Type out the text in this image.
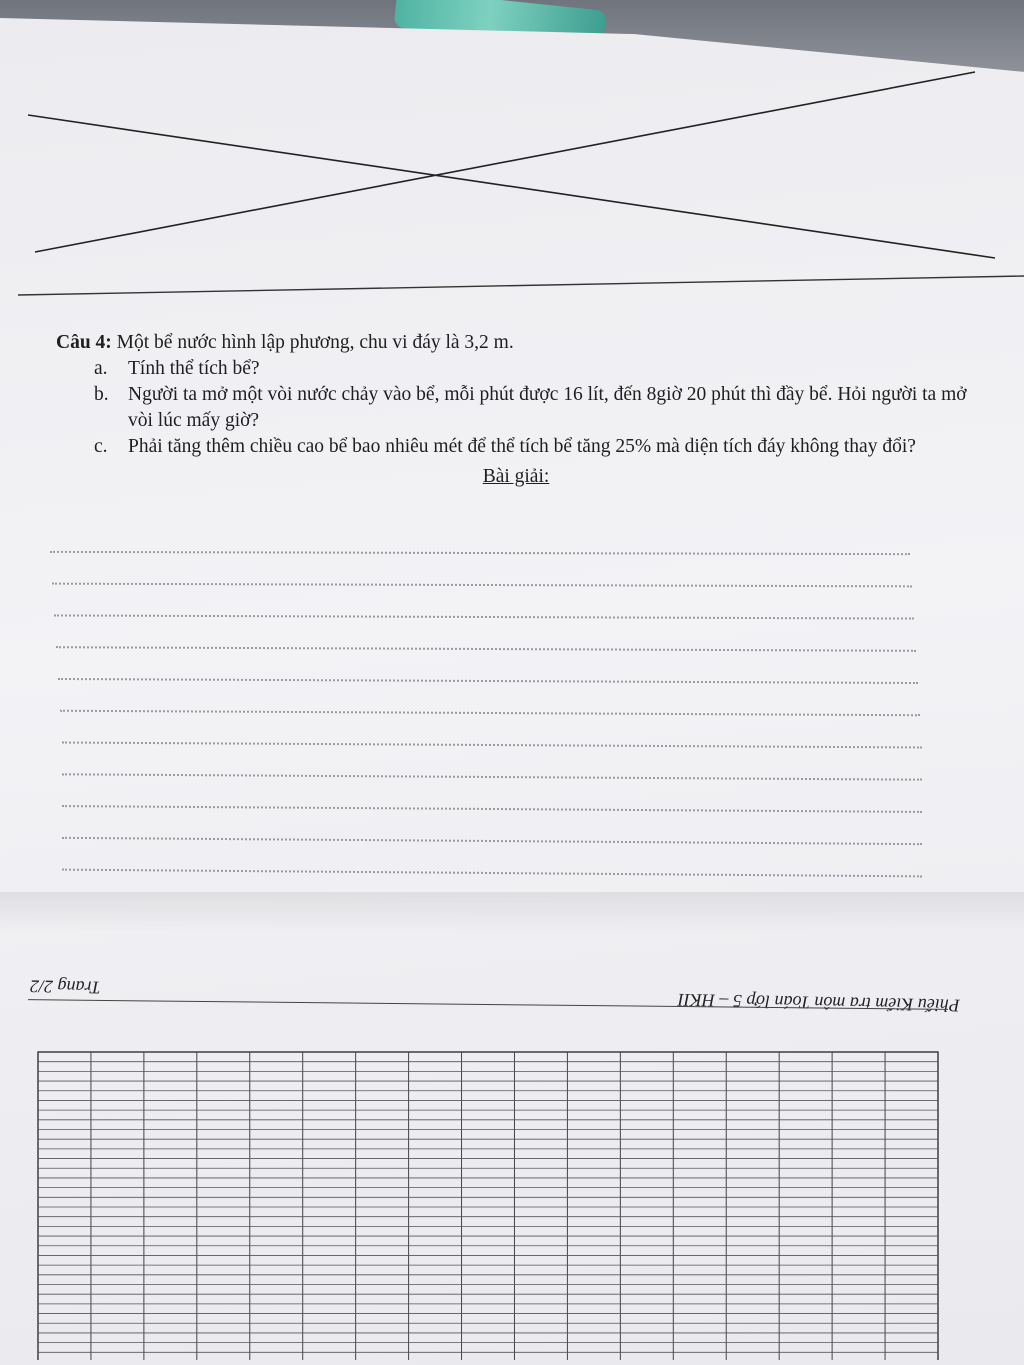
Câu 4: Một bể nước hình lập phương, chu vi đáy là 3,2 m.

a. Tính thể tích bể?

b. Người ta mở một vòi nước chảy vào bể, mỗi phút được 16 lít, đến 8giờ 20 phút thì đầy bể. Hỏi người ta mở vòi lúc mấy giờ?

c. Phải tăng thêm chiều cao bể bao nhiêu mét để thể tích bể tăng 25% mà diện tích đáy không thay đổi?

Bài giải:
Phiếu Kiểm tra môn Toán lớp 5 – HKII
Trang 2/2
